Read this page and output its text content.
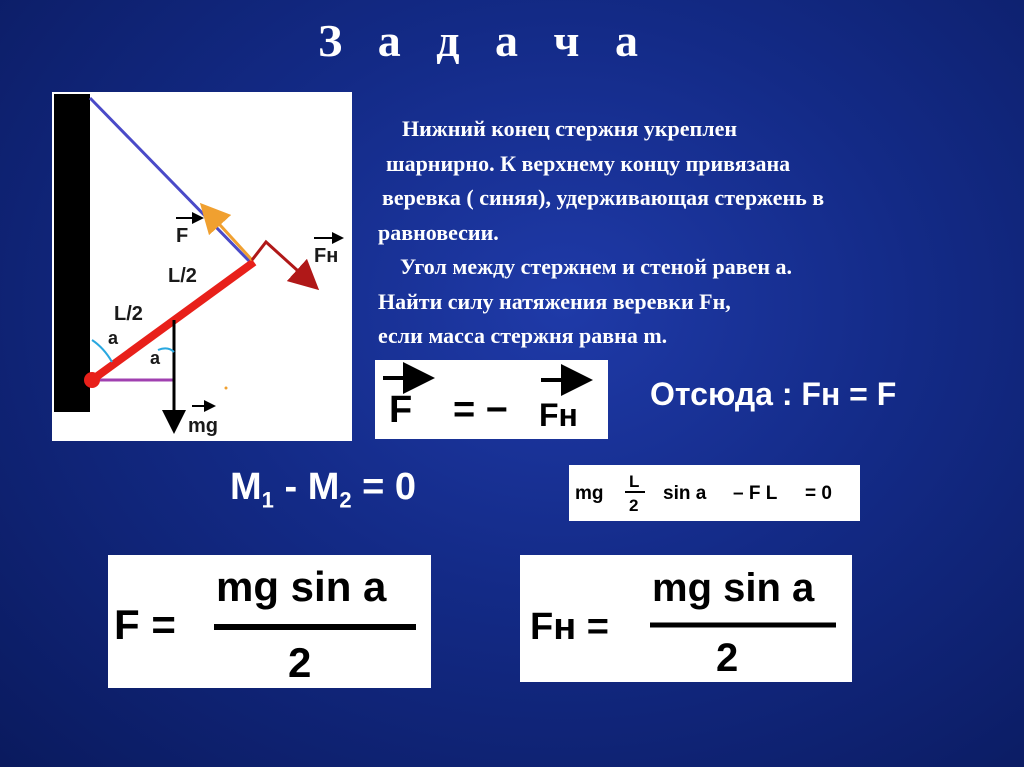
З а д а ч а
Нижний конец стержня укреплен
шарнирно. К верхнему концу привязана
веревка ( синяя), удерживающая стержень в
равновесии.
Угол между стержнем и стеной равен а.
Найти силу натяжения веревки Fн,
если масса стержня равна m.
F
Fн
L/2
L/2
a
a
mg	F = − Fн
Отсюда : Fн = F
$M_1 - M_2 = 0$	mg
L
2
sin a – F L = 0
F =
mg sin a
2
Fн =
mg sin a
2
